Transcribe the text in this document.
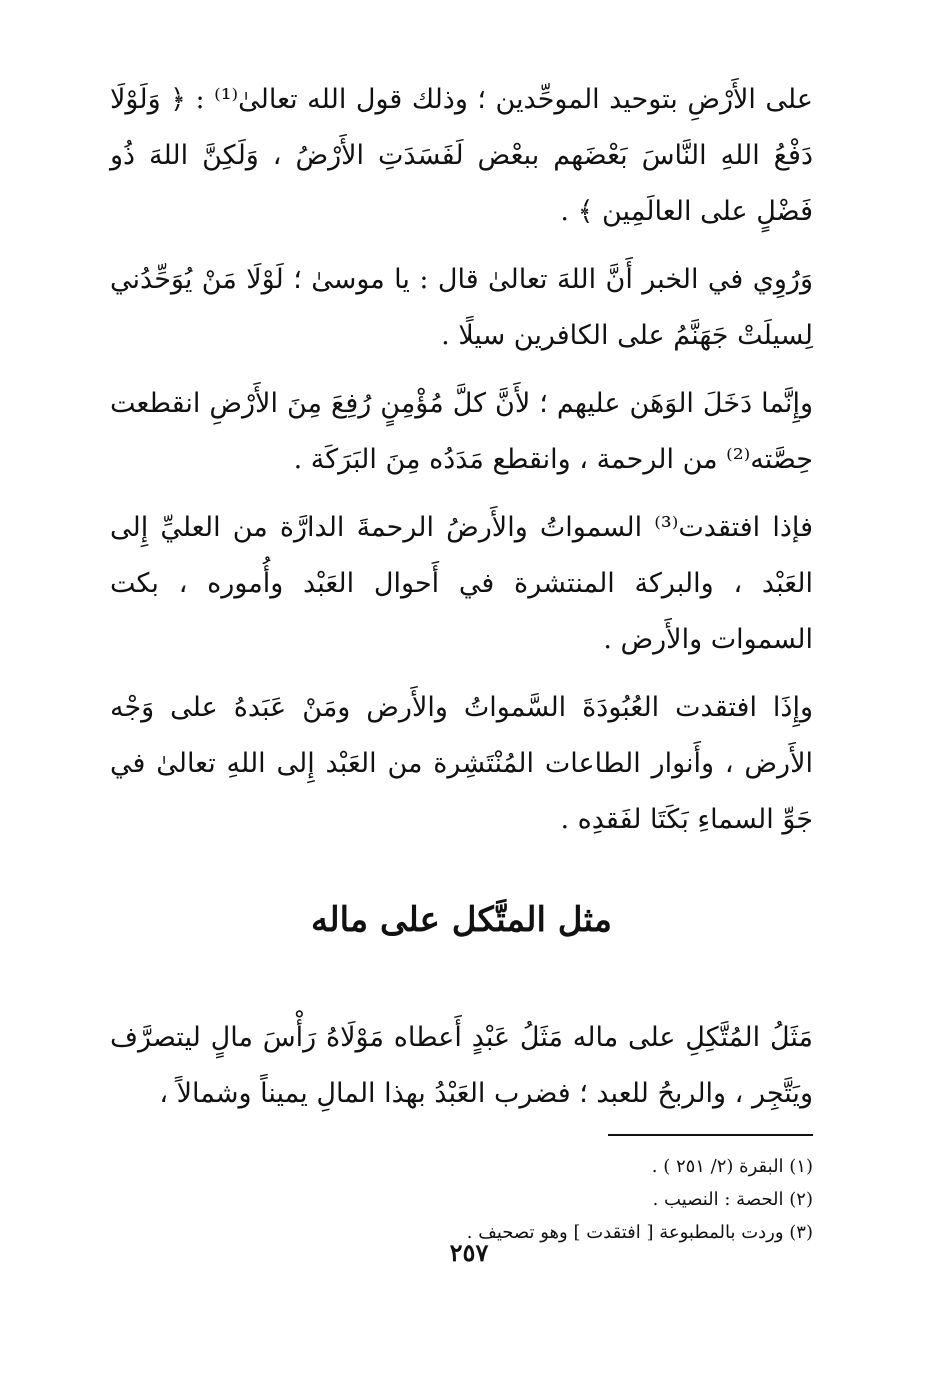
على الأَرْضِ بتوحيد الموحِّدين ؛ وذلك قول الله تعالىٰ⁽¹⁾ : ﴿ وَلَوْلَا دَفْعُ اللهِ النَّاسَ بَعْضَهم ببعْض لَفَسَدَتِ الأَرْضُ ، وَلَكِنَّ اللهَ ذُو فَضْلٍ على العالَمِين ﴾ .

وَرُوِي في الخبر أَنَّ اللهَ تعالىٰ قال : يا موسىٰ ؛ لَوْلَا مَنْ يُوَحِّدُني لِسيلَتْ جَهَنَّمُ على الكافرين سيلًا .

وإِنَّما دَخَلَ الوَهَن عليهم ؛ لأَنَّ كلَّ مُؤْمِنٍ رُفِعَ مِنَ الأَرْضِ انقطعت حِصَّته⁽²⁾ من الرحمة ، وانقطع مَدَدُه مِنَ البَرَكَة .

فإذا افتقدت⁽³⁾ السمواتُ والأَرضُ الرحمةَ الدارَّة من العليِّ إِلى العَبْد ، والبركة المنتشرة في أَحوال العَبْد وأُموره ، بكت السموات والأَرض .

وإِذَا افتقدت العُبُودَةَ السَّمواتُ والأَرض ومَنْ عَبَدهُ على وَجْه الأَرض ، وأَنوار الطاعات المُنْتَشِرة من العَبْد إِلى اللهِ تعالىٰ في جَوِّ السماءِ بَكَتَا لفَقدِه .

مثل المتَّكل على ماله

مَثَلُ المُتَّكِلِ على ماله مَثَلُ عَبْدٍ أَعطاه مَوْلَاهُ رَأْسَ مالٍ ليتصرَّف ويَتَّجِر ، والربحُ للعبد ؛ فضرب العَبْدُ بهذا المالِ يميناً وشمالاً ،

(١) البقرة (٢/ ٢٥١ ) .

(٢) الحصة : النصيب .

(٣) وردت بالمطبوعة [ افتقدت ] وهو تصحيف .

٢٥٧
